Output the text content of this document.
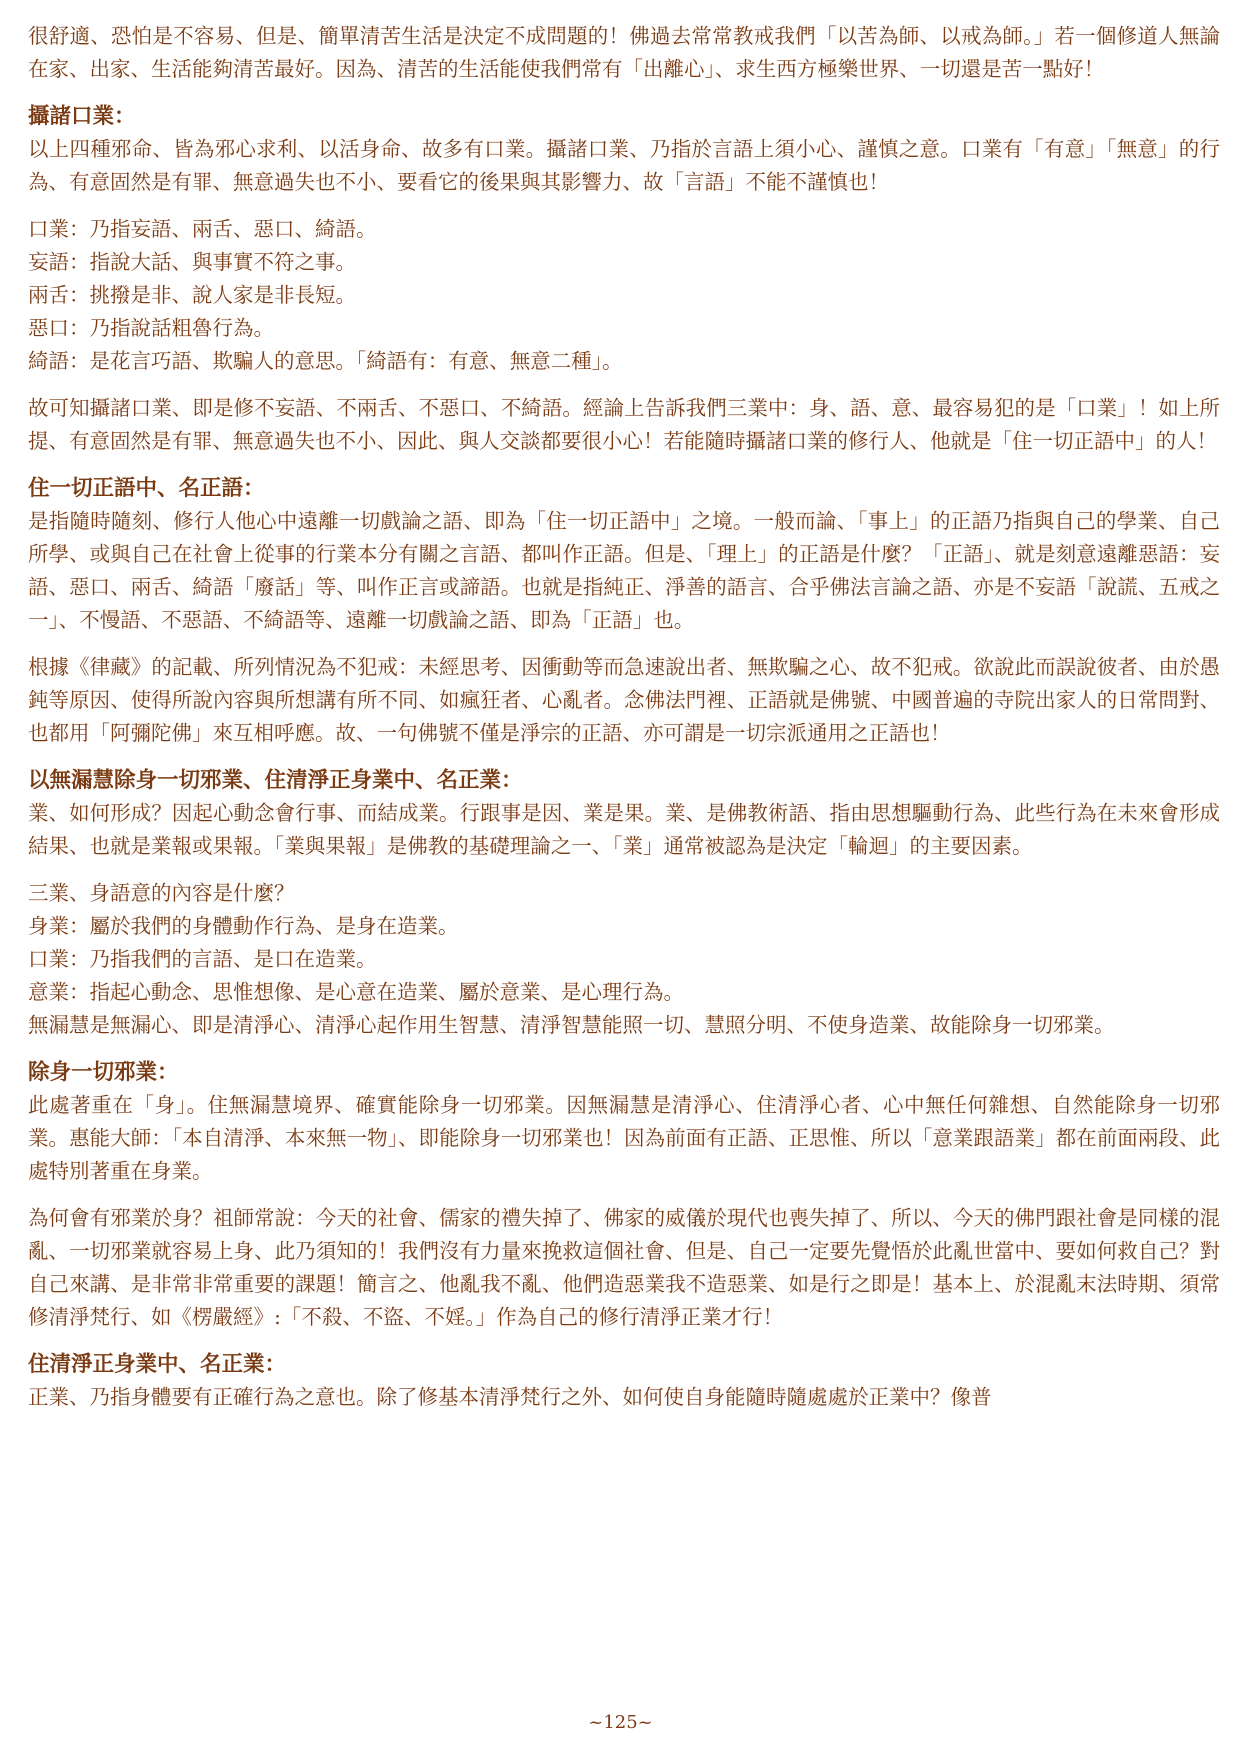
很舒適、恐怕是不容易、但是、簡單清苦生活是決定不成問題的！佛過去常常教戒我們「以苦為師、以戒為師。」若一個修道人無論在家、出家、生活能夠清苦最好。因為、清苦的生活能使我們常有「出離心」、求生西方極樂世界、一切還是苦一點好！

攝諸口業：

以上四種邪命、皆為邪心求利、以活身命、故多有口業。攝諸口業、乃指於言語上須小心、謹慎之意。口業有「有意」「無意」的行為、有意固然是有罪、無意過失也不小、要看它的後果與其影響力、故「言語」不能不謹慎也！

口業：乃指妄語、兩舌、惡口、綺語。

妄語：指說大話、與事實不符之事。

兩舌：挑撥是非、說人家是非長短。

惡口：乃指說話粗魯行為。

綺語：是花言巧語、欺騙人的意思。「綺語有：有意、無意二種」。

故可知攝諸口業、即是修不妄語、不兩舌、不惡口、不綺語。經論上告訴我們三業中：身、語、意、最容易犯的是「口業」！如上所提、有意固然是有罪、無意過失也不小、因此、與人交談都要很小心！若能隨時攝諸口業的修行人、他就是「住一切正語中」的人！

住一切正語中、名正語：

是指隨時隨刻、修行人他心中遠離一切戲論之語、即為「住一切正語中」之境。一般而論、「事上」的正語乃指與自己的學業、自己所學、或與自己在社會上從事的行業本分有關之言語、都叫作正語。但是、「理上」的正語是什麼？「正語」、就是刻意遠離惡語：妄語、惡口、兩舌、綺語「廢話」等、叫作正言或諦語。也就是指純正、淨善的語言、合乎佛法言論之語、亦是不妄語「說謊、五戒之一」、不慢語、不惡語、不綺語等、遠離一切戲論之語、即為「正語」也。

根據《律藏》的記載、所列情況為不犯戒：未經思考、因衝動等而急速說出者、無欺騙之心、故不犯戒。欲說此而誤說彼者、由於愚鈍等原因、使得所說內容與所想講有所不同、如瘋狂者、心亂者。念佛法門裡、正語就是佛號、中國普遍的寺院出家人的日常問對、也都用「阿彌陀佛」來互相呼應。故、一句佛號不僅是淨宗的正語、亦可謂是一切宗派通用之正語也！

以無漏慧除身一切邪業、住清淨正身業中、名正業：

業、如何形成？因起心動念會行事、而結成業。行跟事是因、業是果。業、是佛教術語、指由思想驅動行為、此些行為在未來會形成結果、也就是業報或果報。「業與果報」是佛教的基礎理論之一、「業」通常被認為是決定「輪迴」的主要因素。

三業、身語意的內容是什麼？

身業：屬於我們的身體動作行為、是身在造業。

口業：乃指我們的言語、是口在造業。

意業：指起心動念、思惟想像、是心意在造業、屬於意業、是心理行為。

無漏慧是無漏心、即是清淨心、清淨心起作用生智慧、清淨智慧能照一切、慧照分明、不使身造業、故能除身一切邪業。

除身一切邪業：

此處著重在「身」。住無漏慧境界、確實能除身一切邪業。因無漏慧是清淨心、住清淨心者、心中無任何雜想、自然能除身一切邪業。惠能大師：「本自清淨、本來無一物」、即能除身一切邪業也！因為前面有正語、正思惟、所以「意業跟語業」都在前面兩段、此處特別著重在身業。

為何會有邪業於身？祖師常說：今天的社會、儒家的禮失掉了、佛家的威儀於現代也喪失掉了、所以、今天的佛門跟社會是同樣的混亂、一切邪業就容易上身、此乃須知的！我們沒有力量來挽救這個社會、但是、自己一定要先覺悟於此亂世當中、要如何救自己？對自己來講、是非常非常重要的課題！簡言之、他亂我不亂、他們造惡業我不造惡業、如是行之即是！基本上、於混亂末法時期、須常修清淨梵行、如《楞嚴經》:「不殺、不盜、不婬。」作為自己的修行清淨正業才行！

住清淨正身業中、名正業：

正業、乃指身體要有正確行為之意也。除了修基本清淨梵行之外、如何使自身能隨時隨處處於正業中？像普

~125~
